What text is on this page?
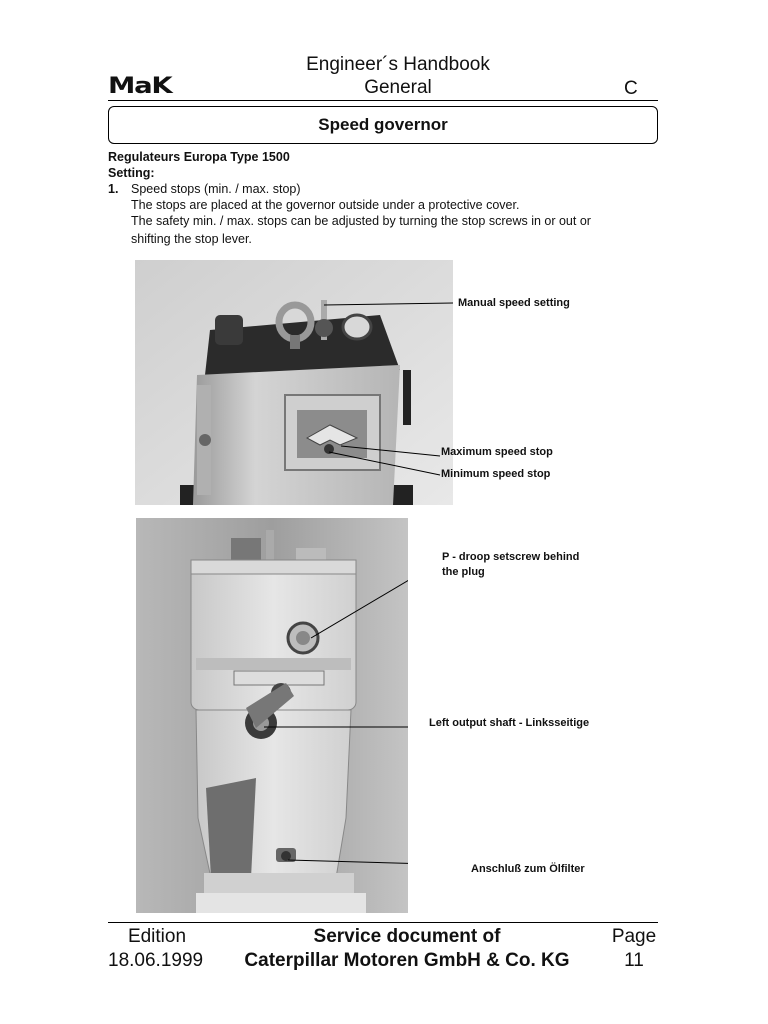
Engineer´s Handbook
General
MaK	C
Speed governor
Regulateurs Europa Type 1500
Setting:
1. Speed stops (min. / max. stop)
The stops are placed at the governor outside under a protective cover.
The safety min. / max. stops can be adjusted by turning the stop screws in or out or
shifting the stop lever.
Manual speed setting
Maximum speed stop
Minimum speed stop
P - droop setscrew behind
the plug
Left output shaft - Linksseitige
Anschluß zum Ölfilter
Edition
18.06.1999
Service document of
Caterpillar Motoren GmbH & Co. KG
Page
11
